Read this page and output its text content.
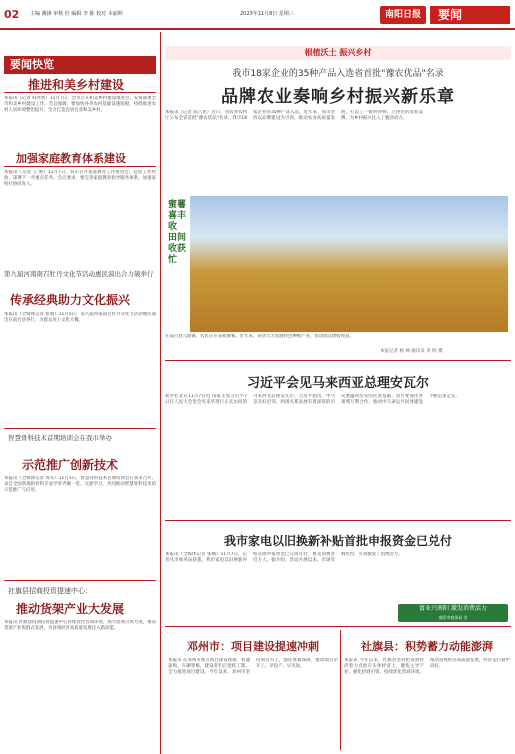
02 主编 戴锋 审核 杜 编辑 李 陈 校对 本丽晖	2023年11月8日 星期三	南阳日报	要闻
要闻快览
推进和美乡村建设
本报讯（记者 韩亦然）11月7日，全市召开和美乡村建设推进会，安排部署全市和美乡村建设工作。会议强调，要加快补齐农村基础设施短板，持续推进农村人居环境整治提升，全力打造宜居宜业和美乡村。
加强家庭教育体系建设
本报讯（记者 王 帅）11月7日，我市召开家庭教育工作推进会，总结工作经验，部署下一步重点任务。会议要求，要完善家庭教育指导服务体系，加强家校社协同育人。
第九届河南南召牡丹文化节活动惠民演出合力破举行
传承经典助力文化振兴
本报讯（全媒体记者 张航）11月5日，第九届河南南召牡丹文化节活动惠民演出在南召县举行，为群众送上文化大餐。
智慧骨科技术首期培训会在我市举办
示范推广创新技术
本报讯（全媒体记者 周军）11月5日，智慧骨科技术首期培训会在我市召开，来自全国各地的骨科专家学者齐聚一堂，交流学习，共同推动智慧骨科技术的示范推广与应用。
社旗县招商投资提速中心：
推动货架产业大发展
本报讯 社旗县招商投资提速中心持续优化营商环境，加大招商引资力度，推动货架产业集群式发展，为县域经济高质量发展注入新动能。
根植沃土 振兴乡村
我市18家企业的35种产品入选省首批"豫农优品"名录
品牌农业奏响乡村振兴新乐章
本报讯（记者 陈吉亚）近日，省农业农村厅公布全省首批"豫农优品"名录，我市18家企业的35种产品入选。近年来，我市坚持以品牌建设为引领，推动农业高质量发展，打造了一批叫得响、立得住的农业品牌，为乡村振兴注入了强劲动力。
蜜薯喜丰收 田间收获忙
在南召县云阳镇，农民正在采收蜜薯。近年来，该县大力发展特色种植产业，带动群众增收致富。
本报记者 杨 帅 通讯员 李 明 摄
习近平会见马来西亚总理安瓦尔
新华社北京11月7日电 国家主席习近平7日在人民大会堂会见来华进行正式访问的马来西亚总理安瓦尔。习近平指出，中马是友好近邻，两国关系发展有着深厚的历史底蕴和坚实的民意基础。双方要深化各领域互利合作，推动中马命运共同体建设不断走深走实。
我市家电以旧换新补贴首批申报资金已兑付
本报讯（全媒体记者 张楠）11月7日，记者从市商务局获悉，我市家电以旧换新补贴首批申报资金已完成兑付，惠及消费者近万人。据介绍，活动开展以来，市场反响热烈，有效激发了消费活力。
富业兴南阳 激发消费活力
南阳市商务局 宣
邓州市：项目建设提速冲刺
本报讯 在邓州市重点项目建设现场，机器轰鸣、车辆穿梭，建设者们正抢抓工期，全力推进项目建设。今年以来，邓州市坚持项目为王，强化要素保障，推动项目早开工、早投产、早见效。
社旗县：积势蓄力动能澎湃
本报讯 今年以来，社旗县坚持把发展经济着力点放在实体经济上，聚焦主导产业，强化招商引资，持续优化营商环境，推动县域经济高质量发展，经济运行稳中向好。
